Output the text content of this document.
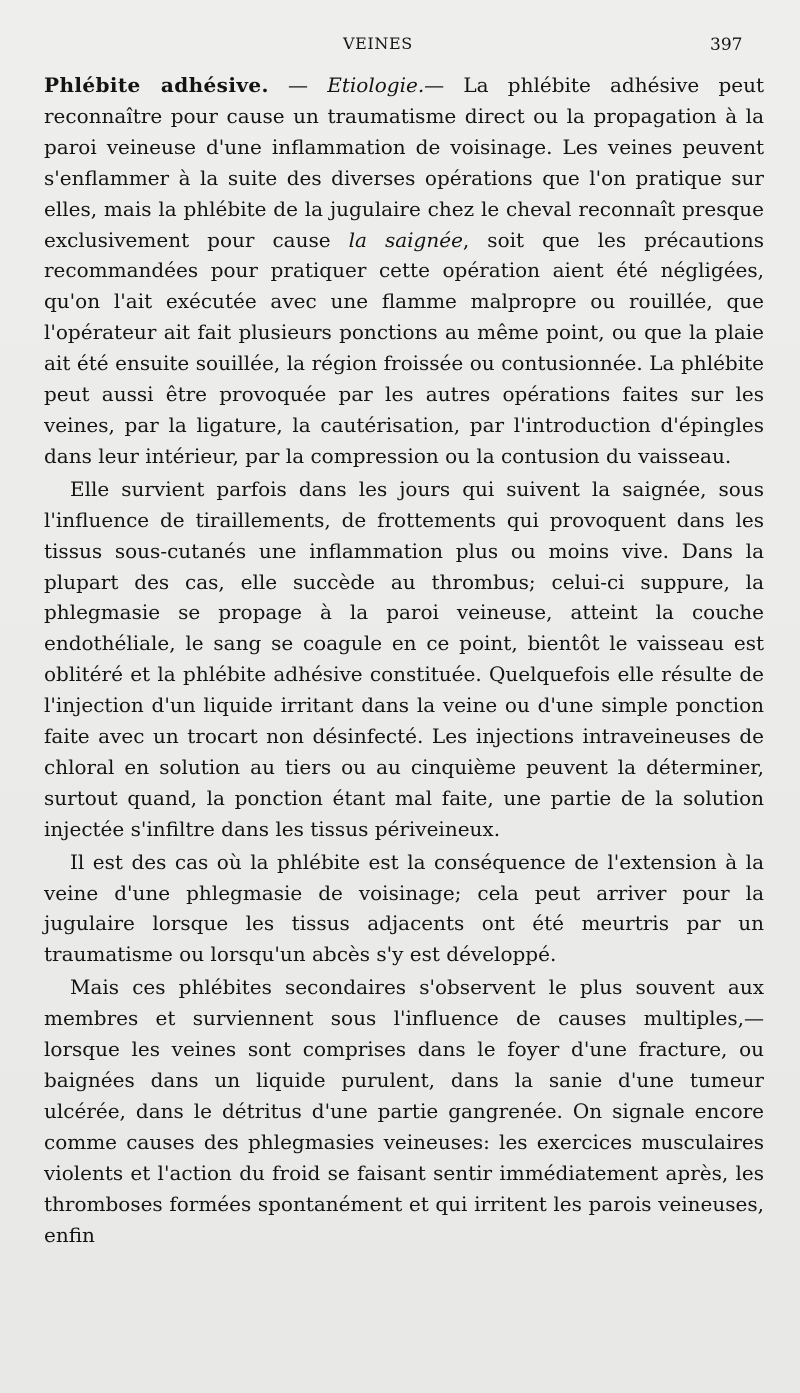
VEINES	397

Phlébite adhésive. — Etiologie.— La phlébite adhésive peut reconnaître pour cause un traumatisme direct ou la propagation à la paroi veineuse d'une inflammation de voisinage. Les veines peuvent s'enflammer à la suite des diverses opérations que l'on pratique sur elles, mais la phlébite de la jugulaire chez le cheval reconnaît presque exclusivement pour cause la saignée, soit que les précautions recommandées pour pratiquer cette opération aient été négligées, qu'on l'ait exécutée avec une flamme malpropre ou rouillée, que l'opérateur ait fait plusieurs ponctions au même point, ou que la plaie ait été ensuite souillée, la région froissée ou contusionnée. La phlébite peut aussi être provoquée par les autres opérations faites sur les veines, par la ligature, la cautérisation, par l'introduction d'épingles dans leur intérieur, par la compression ou la contusion du vaisseau.

Elle survient parfois dans les jours qui suivent la saignée, sous l'influence de tiraillements, de frottements qui provoquent dans les tissus sous-cutanés une inflammation plus ou moins vive. Dans la plupart des cas, elle succède au thrombus; celui-ci suppure, la phlegmasie se propage à la paroi veineuse, atteint la couche endothéliale, le sang se coagule en ce point, bientôt le vaisseau est oblitéré et la phlébite adhésive constituée. Quelquefois elle résulte de l'injection d'un liquide irritant dans la veine ou d'une simple ponction faite avec un trocart non désinfecté. Les injections intraveineuses de chloral en solution au tiers ou au cinquième peuvent la déterminer, surtout quand, la ponction étant mal faite, une partie de la solution injectée s'infiltre dans les tissus périveineux.

Il est des cas où la phlébite est la conséquence de l'extension à la veine d'une phlegmasie de voisinage; cela peut arriver pour la jugulaire lorsque les tissus adjacents ont été meurtris par un traumatisme ou lorsqu'un abcès s'y est développé.

Mais ces phlébites secondaires s'observent le plus souvent aux membres et surviennent sous l'influence de causes multiples,— lorsque les veines sont comprises dans le foyer d'une fracture, ou baignées dans un liquide purulent, dans la sanie d'une tumeur ulcérée, dans le détritus d'une partie gangrenée. On signale encore comme causes des phlegmasies veineuses: les exercices musculaires violents et l'action du froid se faisant sentir immédiatement après, les thromboses formées spontanément et qui irritent les parois veineuses, enfin
